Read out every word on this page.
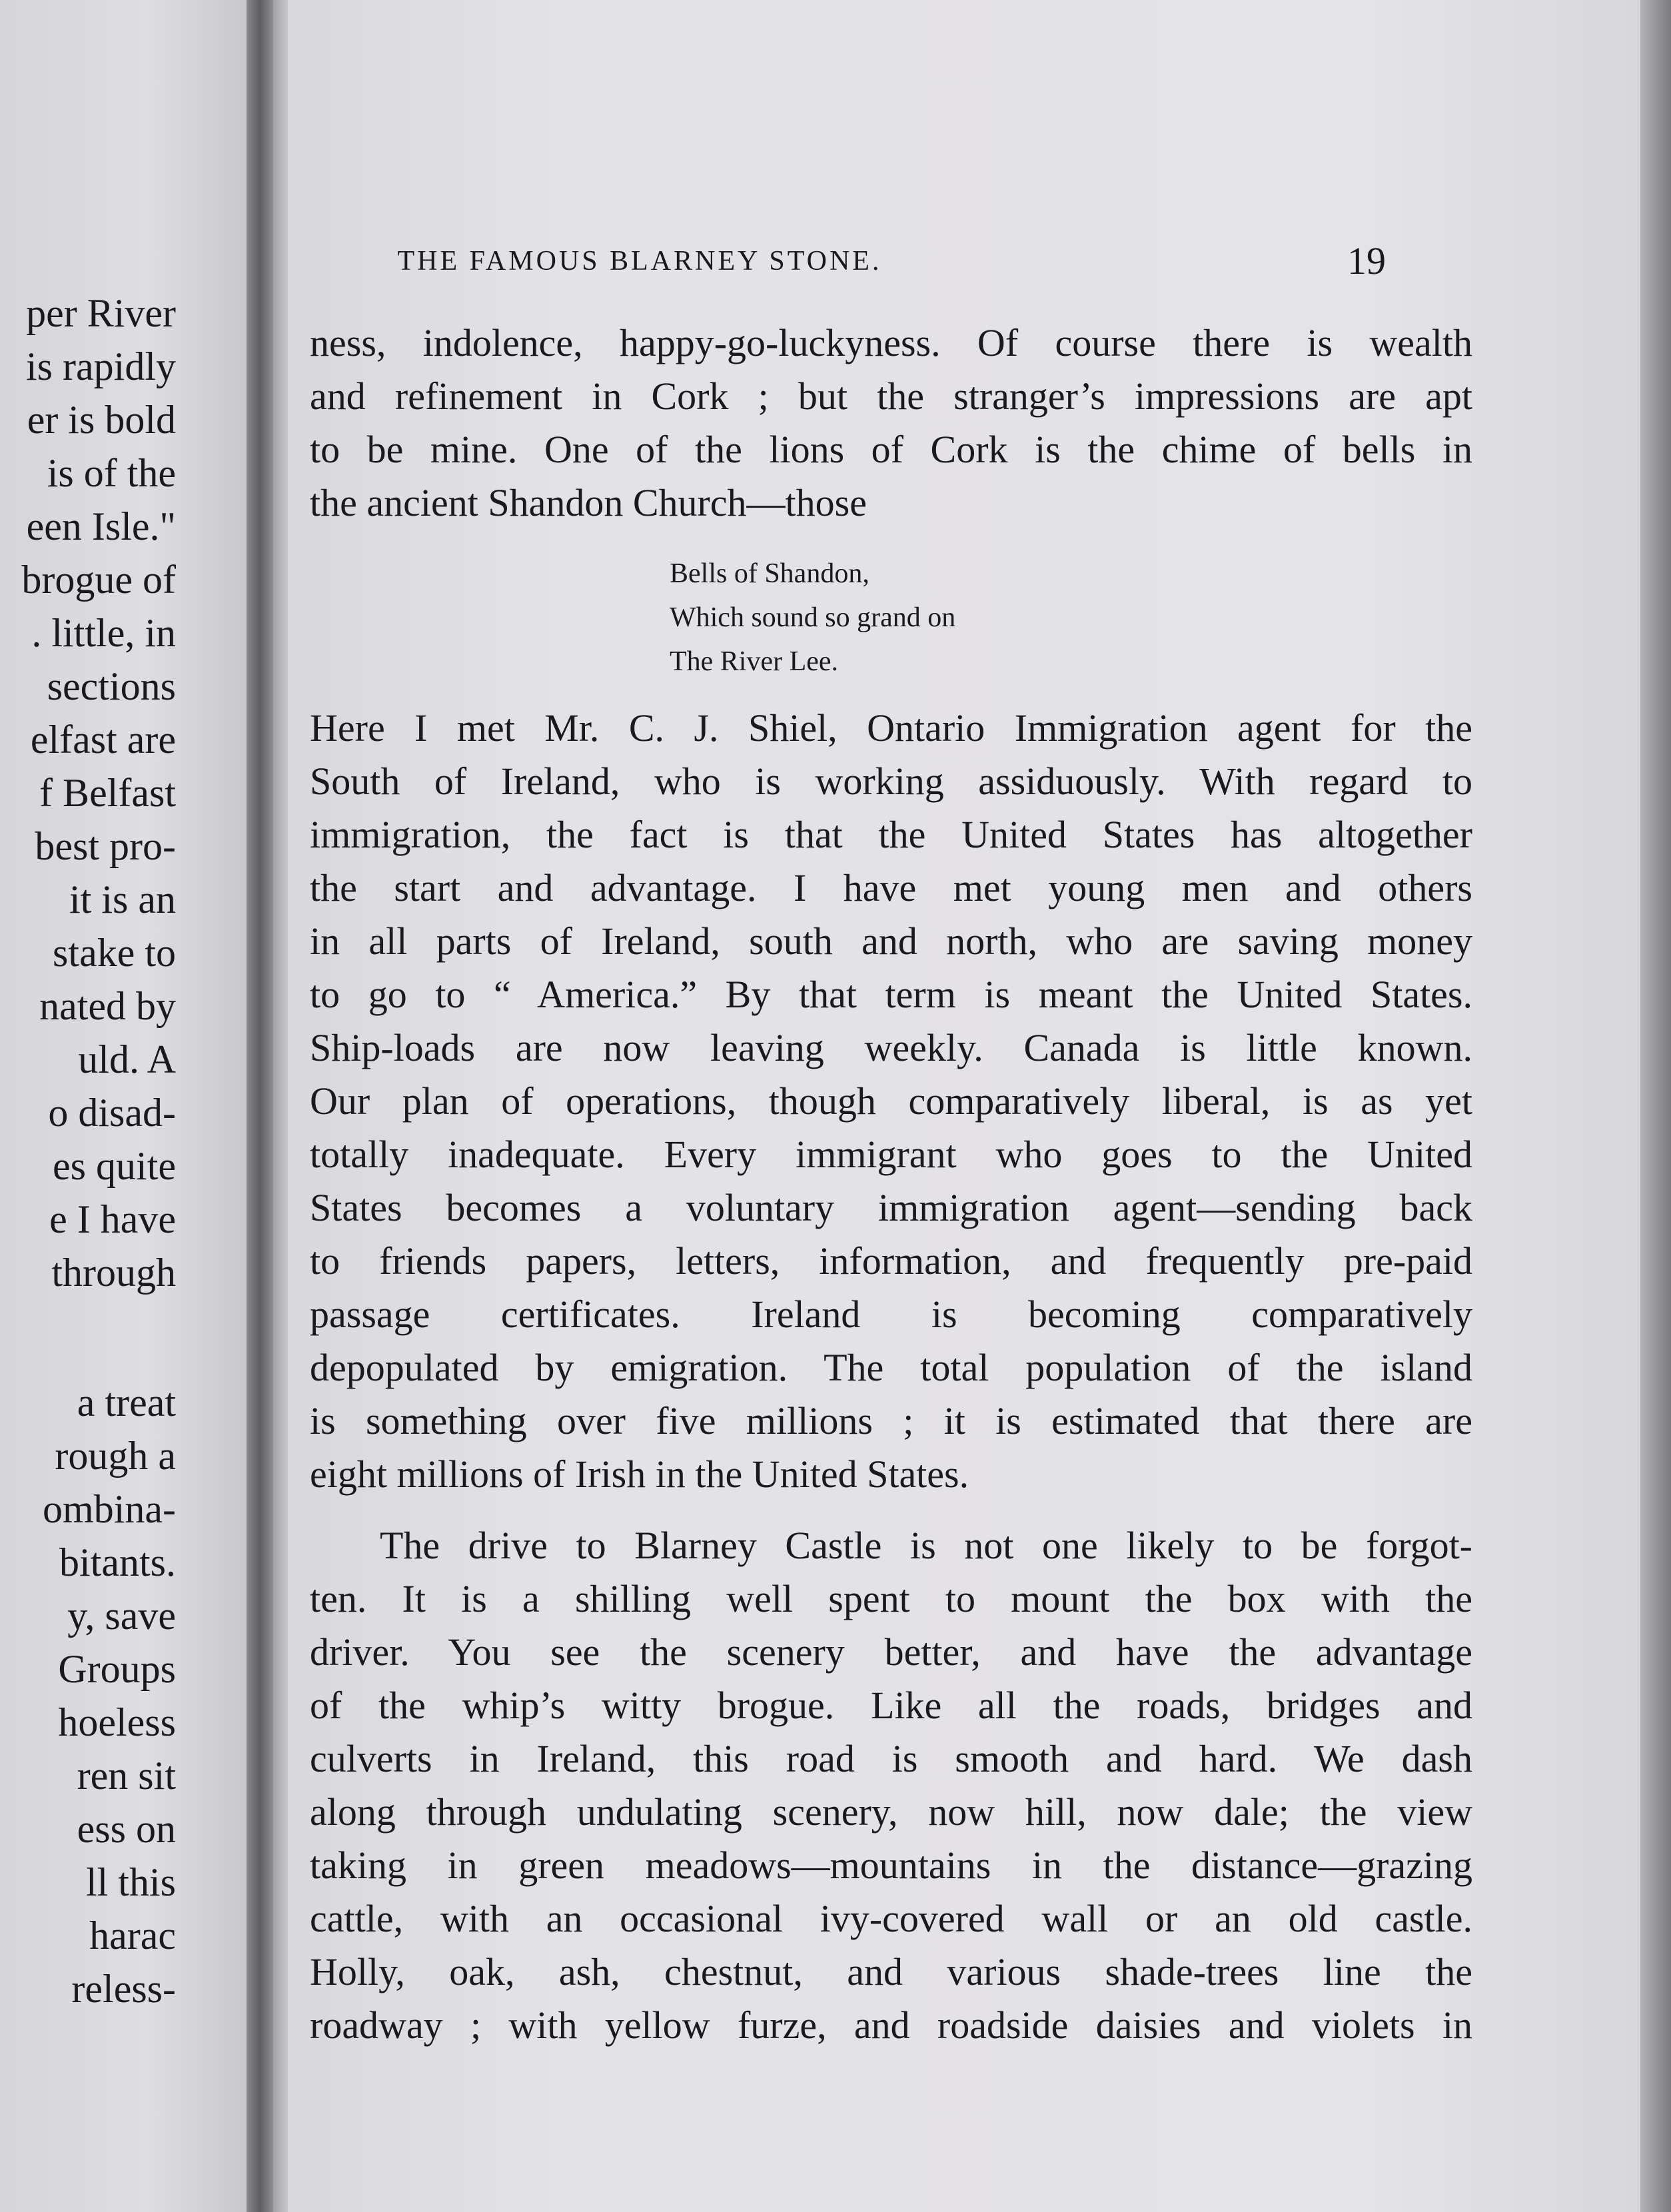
per River
is rapidly
er is bold
is of the
een Isle."
brogue of
. little, in
sections
elfast are
f Belfast
best pro-
it is an
stake to
nated by
uld. A
o disad-
es quite
e I have
through
a treat
rough a
ombina-
bitants.
y, save
Groups
hoeless
ren sit
ess on
ll this
harac
reless-
THE FAMOUS BLARNEY STONE.	19
ness, indolence, happy-go-luckyness. Of course there is wealth
and refinement in Cork ; but the stranger’s impressions are apt
to be mine. One of the lions of Cork is the chime of bells in
the ancient Shandon Church—those
Bells of Shandon,
Which sound so grand on
The River Lee.
Here I met Mr. C. J. Shiel, Ontario Immigration agent for the
South of Ireland, who is working assiduously. With regard to
immigration, the fact is that the United States has altogether
the start and advantage. I have met young men and others
in all parts of Ireland, south and north, who are saving money
to go to “ America.” By that term is meant the United States.
Ship-loads are now leaving weekly. Canada is little known.
Our plan of operations, though comparatively liberal, is as yet
totally inadequate. Every immigrant who goes to the United
States becomes a voluntary immigration agent—sending back
to friends papers, letters, information, and frequently pre-paid
passage certificates. Ireland is becoming comparatively
depopulated by emigration. The total population of the island
is something over five millions ; it is estimated that there are
eight millions of Irish in the United States.
The drive to Blarney Castle is not one likely to be forgot-
ten. It is a shilling well spent to mount the box with the
driver. You see the scenery better, and have the advantage
of the whip’s witty brogue. Like all the roads, bridges and
culverts in Ireland, this road is smooth and hard. We dash
along through undulating scenery, now hill, now dale; the view
taking in green meadows—mountains in the distance—grazing
cattle, with an occasional ivy-covered wall or an old castle.
Holly, oak, ash, chestnut, and various shade-trees line the
roadway ; with yellow furze, and roadside daisies and violets in
